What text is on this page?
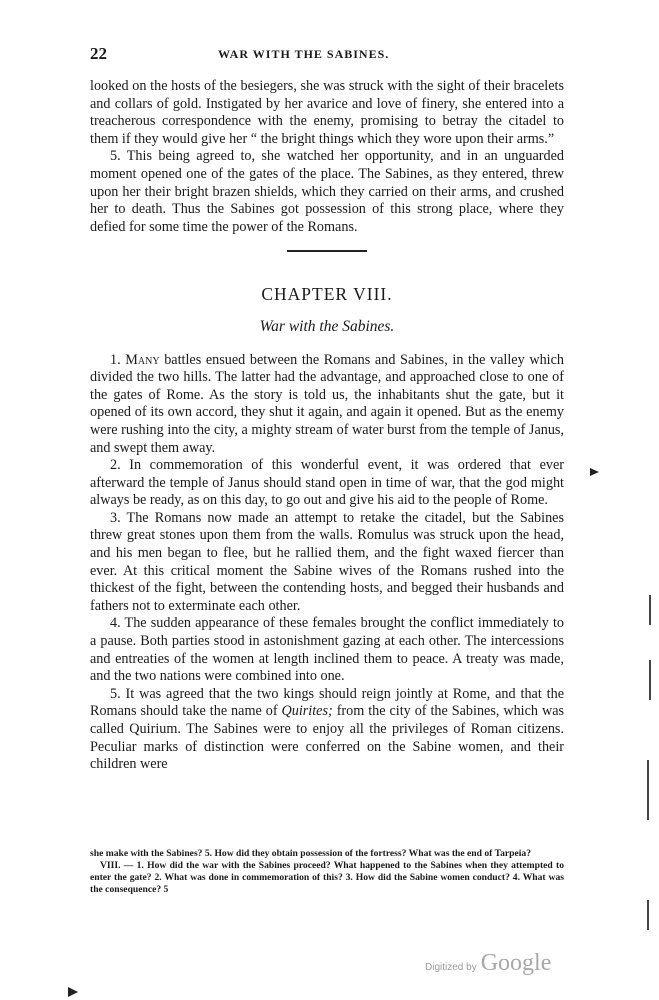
22	WAR WITH THE SABINES.

looked on the hosts of the besiegers, she was struck with the sight of their bracelets and collars of gold. Instigated by her avarice and love of finery, she entered into a treacherous correspondence with the enemy, promising to betray the citadel to them if they would give her “ the bright things which they wore upon their arms.”

5. This being agreed to, she watched her opportunity, and in an unguarded moment opened one of the gates of the place. The Sabines, as they entered, threw upon her their bright brazen shields, which they carried on their arms, and crushed her to death. Thus the Sabines got possession of this strong place, where they defied for some time the power of the Romans.

CHAPTER VIII.
War with the Sabines.

1. Many battles ensued between the Romans and Sabines, in the valley which divided the two hills. The latter had the advantage, and approached close to one of the gates of Rome. As the story is told us, the inhabitants shut the gate, but it opened of its own accord, they shut it again, and again it opened. But as the enemy were rushing into the city, a mighty stream of water burst from the temple of Janus, and swept them away.

2. In commemoration of this wonderful event, it was ordered that ever afterward the temple of Janus should stand open in time of war, that the god might always be ready, as on this day, to go out and give his aid to the people of Rome.

3. The Romans now made an attempt to retake the citadel, but the Sabines threw great stones upon them from the walls. Romulus was struck upon the head, and his men began to flee, but he rallied them, and the fight waxed fiercer than ever. At this critical moment the Sabine wives of the Romans rushed into the thickest of the fight, between the contending hosts, and begged their husbands and fathers not to exterminate each other.

4. The sudden appearance of these females brought the conflict immediately to a pause. Both parties stood in astonishment gazing at each other. The intercessions and entreaties of the women at length inclined them to peace. A treaty was made, and the two nations were combined into one.

5. It was agreed that the two kings should reign jointly at Rome, and that the Romans should take the name of Quirites; from the city of the Sabines, which was called Quirium. The Sabines were to enjoy all the privileges of Roman citizens. Peculiar marks of distinction were conferred on the Sabine women, and their children were

she make with the Sabines? 5. How did they obtain possession of the fortress? What was the end of Tarpeia?

VIII. — 1. How did the war with the Sabines proceed? What happened to the Sabines when they attempted to enter the gate? 2. What was done in commemoration of this? 3. How did the Sabine women conduct? 4. What was the consequence? 5

Digitized by Google
